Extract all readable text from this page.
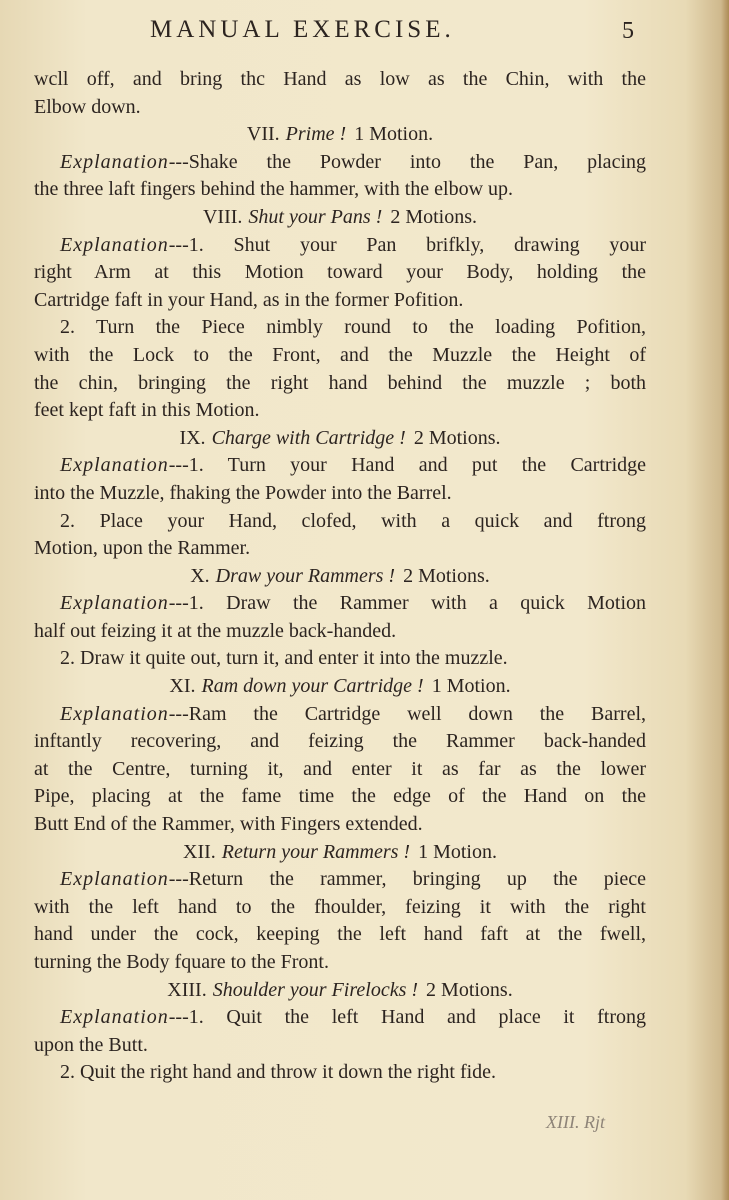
MANUAL EXERCISE.	5
wcll off, and bring thc Hand as low as the Chin, with the
Elbow down.
VII. Prime ! 1 Motion.
Explanation---Shake the Powder into the Pan, placing
the three laft fingers behind the hammer, with the elbow up.
VIII. Shut your Pans ! 2 Motions.
Explanation---1. Shut your Pan brifkly, drawing your
right Arm at this Motion toward your Body, holding the
Cartridge faft in your Hand, as in the former Pofition.
2. Turn the Piece nimbly round to the loading Pofition,
with the Lock to the Front, and the Muzzle the Height of
the chin, bringing the right hand behind the muzzle ; both
feet kept faft in this Motion.
IX. Charge with Cartridge ! 2 Motions.
Explanation---1. Turn your Hand and put the Cartridge
into the Muzzle, fhaking the Powder into the Barrel.
2. Place your Hand, clofed, with a quick and ftrong
Motion, upon the Rammer.
X. Draw your Rammers ! 2 Motions.
Explanation---1. Draw the Rammer with a quick Motion
half out feizing it at the muzzle back-handed.
2. Draw it quite out, turn it, and enter it into the muzzle.
XI. Ram down your Cartridge ! 1 Motion.
Explanation---Ram the Cartridge well down the Barrel,
inftantly recovering, and feizing the Rammer back-handed
at the Centre, turning it, and enter it as far as the lower
Pipe, placing at the fame time the edge of the Hand on the
Butt End of the Rammer, with Fingers extended.
XII. Return your Rammers ! 1 Motion.
Explanation---Return the rammer, bringing up the piece
with the left hand to the fhoulder, feizing it with the right
hand under the cock, keeping the left hand faft at the fwell,
turning the Body fquare to the Front.
XIII. Shoulder your Firelocks ! 2 Motions.
Explanation---1. Quit the left Hand and place it ftrong
upon the Butt.
2. Quit the right hand and throw it down the right fide.
XIII. Rjt
